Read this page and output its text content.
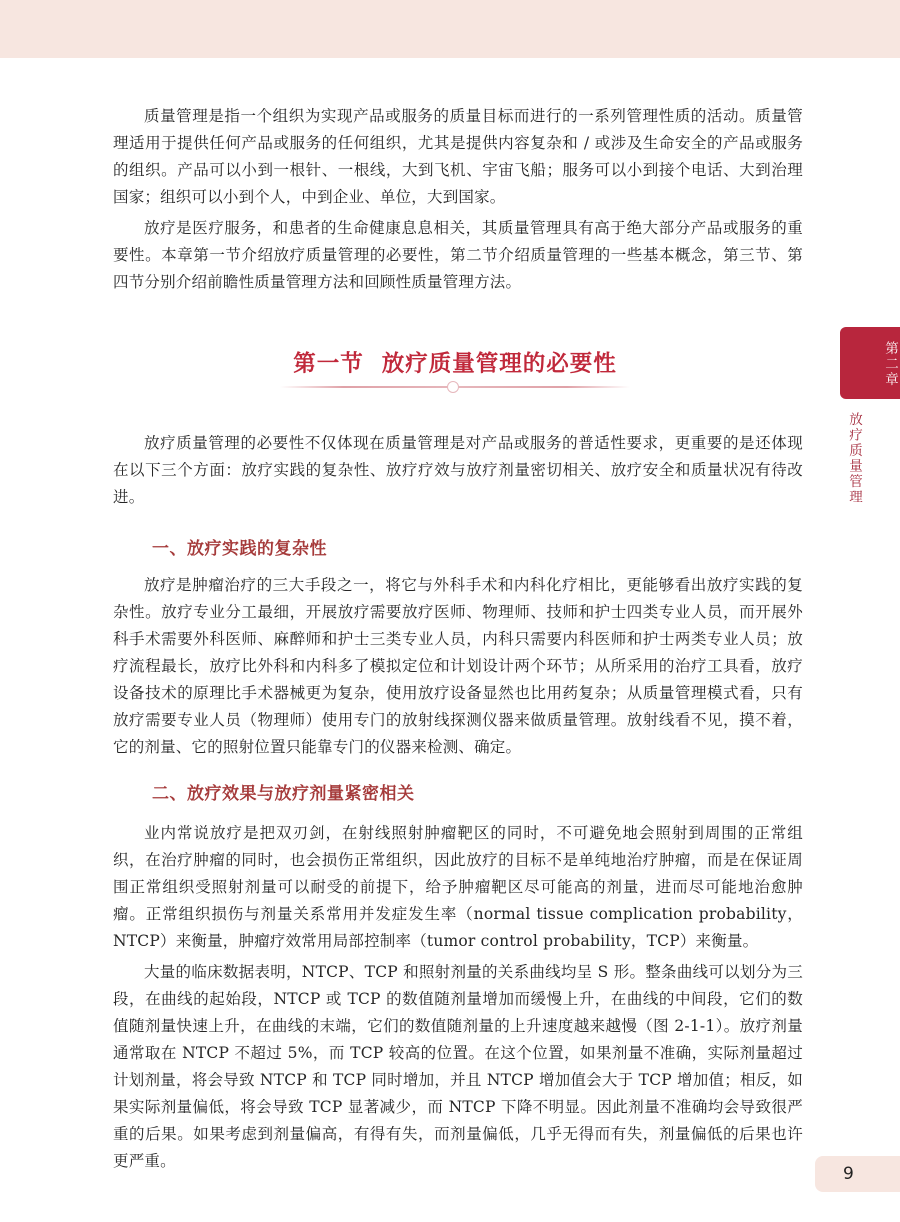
质量管理是指一个组织为实现产品或服务的质量目标而进行的一系列管理性质的活动。质量管理适用于提供任何产品或服务的任何组织，尤其是提供内容复杂和 / 或涉及生命安全的产品或服务的组织。产品可以小到一根针、一根线，大到飞机、宇宙飞船；服务可以小到接个电话、大到治理国家；组织可以小到个人，中到企业、单位，大到国家。

放疗是医疗服务，和患者的生命健康息息相关，其质量管理具有高于绝大部分产品或服务的重要性。本章第一节介绍放疗质量管理的必要性，第二节介绍质量管理的一些基本概念，第三节、第四节分别介绍前瞻性质量管理方法和回顾性质量管理方法。

第一节 放疗质量管理的必要性

放疗质量管理的必要性不仅体现在质量管理是对产品或服务的普适性要求，更重要的是还体现在以下三个方面：放疗实践的复杂性、放疗疗效与放疗剂量密切相关、放疗安全和质量状况有待改进。

一、放疗实践的复杂性

放疗是肿瘤治疗的三大手段之一，将它与外科手术和内科化疗相比，更能够看出放疗实践的复杂性。放疗专业分工最细，开展放疗需要放疗医师、物理师、技师和护士四类专业人员，而开展外科手术需要外科医师、麻醉师和护士三类专业人员，内科只需要内科医师和护士两类专业人员；放疗流程最长，放疗比外科和内科多了模拟定位和计划设计两个环节；从所采用的治疗工具看，放疗设备技术的原理比手术器械更为复杂，使用放疗设备显然也比用药复杂；从质量管理模式看，只有放疗需要专业人员（物理师）使用专门的放射线探测仪器来做质量管理。放射线看不见，摸不着，它的剂量、它的照射位置只能靠专门的仪器来检测、确定。

二、放疗效果与放疗剂量紧密相关

业内常说放疗是把双刃剑，在射线照射肿瘤靶区的同时，不可避免地会照射到周围的正常组织，在治疗肿瘤的同时，也会损伤正常组织，因此放疗的目标不是单纯地治疗肿瘤，而是在保证周围正常组织受照射剂量可以耐受的前提下，给予肿瘤靶区尽可能高的剂量，进而尽可能地治愈肿瘤。正常组织损伤与剂量关系常用并发症发生率（normal tissue complication probability，NTCP）来衡量，肿瘤疗效常用局部控制率（tumor control probability，TCP）来衡量。

大量的临床数据表明，NTCP、TCP 和照射剂量的关系曲线均呈 S 形。整条曲线可以划分为三段，在曲线的起始段，NTCP 或 TCP 的数值随剂量增加而缓慢上升，在曲线的中间段，它们的数值随剂量快速上升，在曲线的末端，它们的数值随剂量的上升速度越来越慢（图 2-1-1）。放疗剂量通常取在 NTCP 不超过 5%，而 TCP 较高的位置。在这个位置，如果剂量不准确，实际剂量超过计划剂量，将会导致 NTCP 和 TCP 同时增加，并且 NTCP 增加值会大于 TCP 增加值；相反，如果实际剂量偏低，将会导致 TCP 显著减少，而 NTCP 下降不明显。因此剂量不准确均会导致很严重的后果。如果考虑到剂量偏高，有得有失，而剂量偏低，几乎无得而有失，剂量偏低的后果也许更严重。

第二章
放疗质量管理
9
